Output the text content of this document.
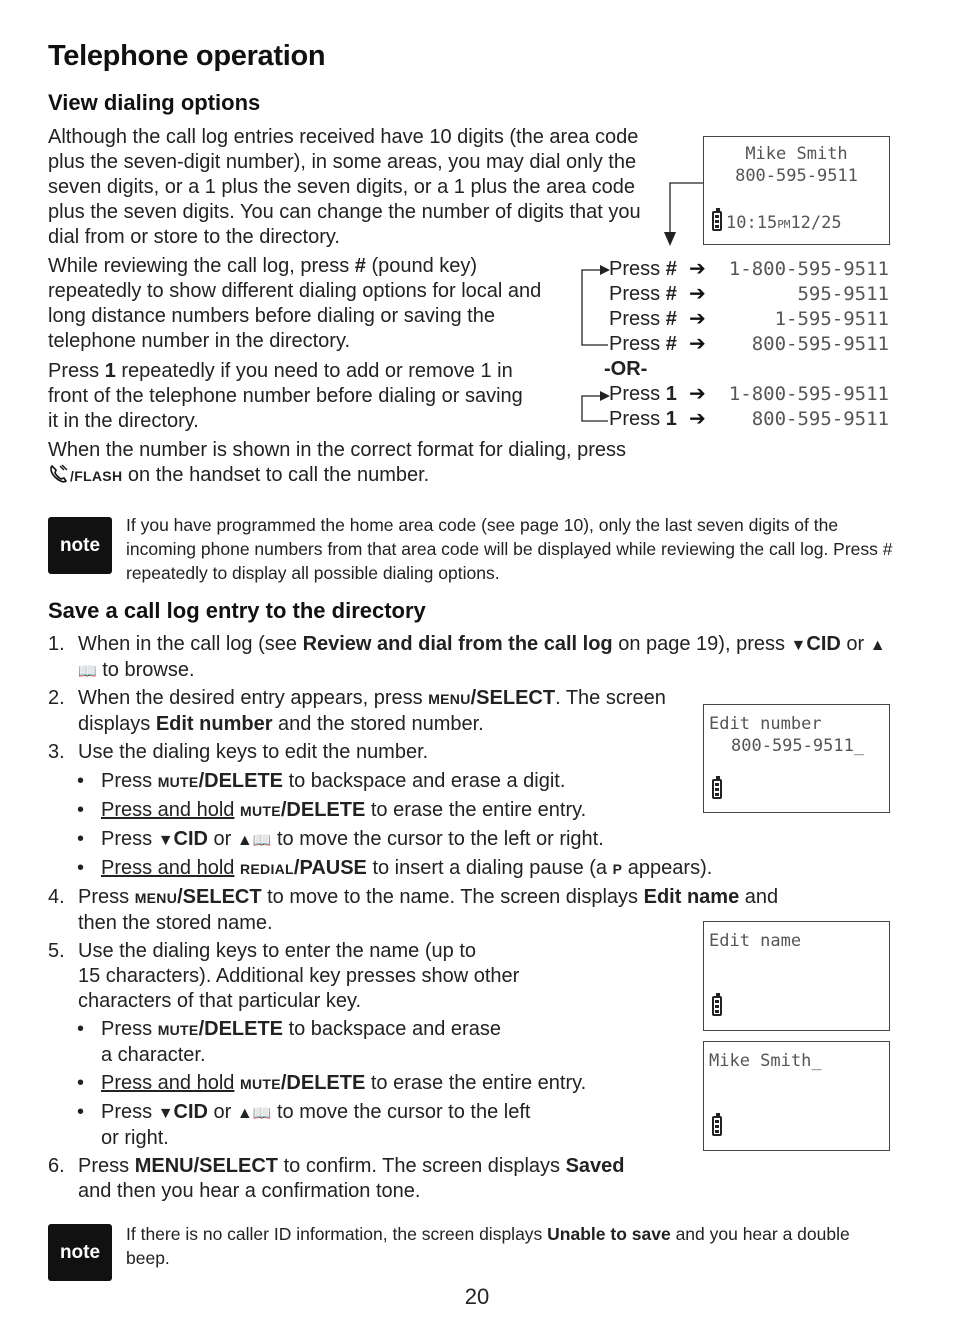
Telephone operation
View dialing options
Although the call log entries received have 10 digits (the area code plus the seven-digit number), in some areas, you may dial only the seven digits, or a 1 plus the seven digits, or a 1 plus the area code plus the seven digits. You can change the number of digits that you dial from or store to the directory.
While reviewing the call log, press # (pound key) repeatedly to show different dialing options for local and long distance numbers before dialing or saving the telephone number in the directory.
Press 1 repeatedly if you need to add or remove 1 in front of the telephone number before dialing or saving it in the directory.
When the number is shown in the correct format for dialing, press /FLASH on the handset to call the number.
Mike Smith
800-595-9511
10:15PM12/25
Press # ➔ 1-800-595-9511
Press # ➔	595-9511
Press # ➔	1-595-9511
Press # ➔ 800-595-9511
-OR-
Press 1 ➔ 1-800-595-9511
Press 1 ➔ 800-595-9511
note
If you have programmed the home area code (see page 10), only the last seven digits of the incoming phone numbers from that area code will be displayed while reviewing the call log. Press # repeatedly to display all possible dialing options.
Save a call log entry to the directory
1. When in the call log (see Review and dial from the call log on page 19), press ▼CID or ▲📖 to browse.
2. When the desired entry appears, press MENU/SELECT. The screen displays Edit number and the stored number.
3. Use the dialing keys to edit the number.
• Press MUTE/DELETE to backspace and erase a digit.
• Press and hold MUTE/DELETE to erase the entire entry.
• Press ▼CID or ▲📖 to move the cursor to the left or right.
• Press and hold REDIAL/PAUSE to insert a dialing pause (a P appears).
4. Press MENU/SELECT to move to the name. The screen displays Edit name and
then the stored name.
5. Use the dialing keys to enter the name (up to
15 characters). Additional key presses show other
characters of that particular key.
• Press MUTE/DELETE to backspace and erase
a character.
• Press and hold MUTE/DELETE to erase the entire entry.
• Press ▼CID or ▲📖 to move the cursor to the left
or right.
6. Press MENU/SELECT to confirm. The screen displays Saved
and then you hear a confirmation tone.
Edit number
800-595-9511_
Edit name
Mike Smith_
note
If there is no caller ID information, the screen displays Unable to save and you hear a double beep.
20
